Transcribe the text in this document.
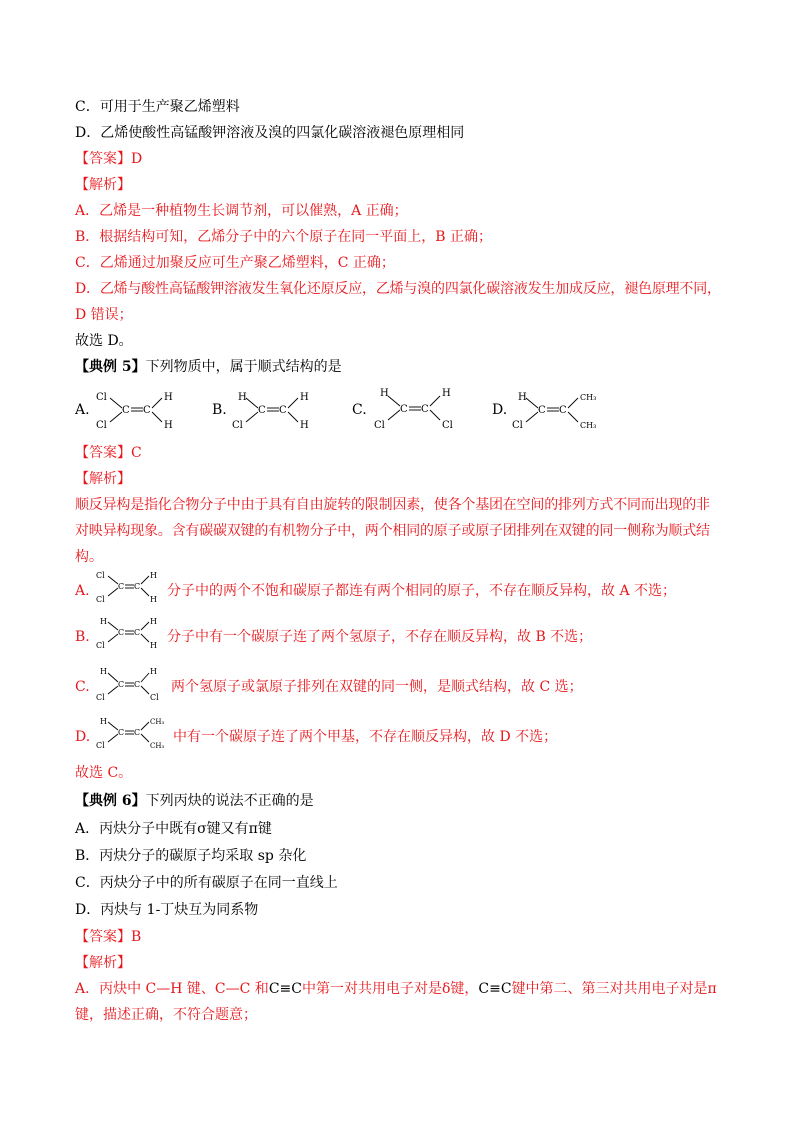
C．可用于生产聚乙烯塑料
D．乙烯使酸性高锰酸钾溶液及溴的四氯化碳溶液褪色原理相同
【答案】D
【解析】
A．乙烯是一种植物生长调节剂，可以催熟，A 正确；
B．根据结构可知，乙烯分子中的六个原子在同一平面上，B 正确；
C．乙烯通过加聚反应可生产聚乙烯塑料，C 正确；
D．乙烯与酸性高锰酸钾溶液发生氧化还原反应，乙烯与溴的四氯化碳溶液发生加成反应，褪色原理不同，
D 错误；
故选 D。
【典例 5】下列物质中，属于顺式结构的是
A.
Cl
Cl
C C
H
H
B.
H
Cl
C C
H
H
C.
H
Cl
C C
H
Cl
D.
H
Cl
C C
CH₃
CH₃
【答案】C
【解析】
顺反异构是指化合物分子中由于具有自由旋转的限制因素，使各个基团在空间的排列方式不同而出现的非
对映异构现象。含有碳碳双键的有机物分子中，两个相同的原子或原子团排列在双键的同一侧称为顺式结
构。
A.
Cl
Cl
C C
H
H
分子中的两个不饱和碳原子都连有两个相同的原子，不存在顺反异构，故 A 不选；
B.
H
Cl
C C
H
H
分子中有一个碳原子连了两个氢原子，不存在顺反异构，故 B 不选；
C.
H
Cl
C C
H
Cl
两个氢原子或氯原子排列在双键的同一侧，是顺式结构，故 C 选；
D.
H
Cl
C C
CH₃
CH₃
中有一个碳原子连了两个甲基，不存在顺反异构，故 D 不选；
故选 C。
【典例 6】下列丙炔的说法不正确的是
A．丙炔分子中既有σ键又有π键
B．丙炔分子的碳原子均采取 sp 杂化
C．丙炔分子中的所有碳原子在同一直线上
D．丙炔与 1-丁炔互为同系物
【答案】B
【解析】
A．丙炔中 C—H 键、C—C 和C≡C中第一对共用电子对是δ键，C≡C键中第二、第三对共用电子对是π
键，描述正确，不符合题意；
